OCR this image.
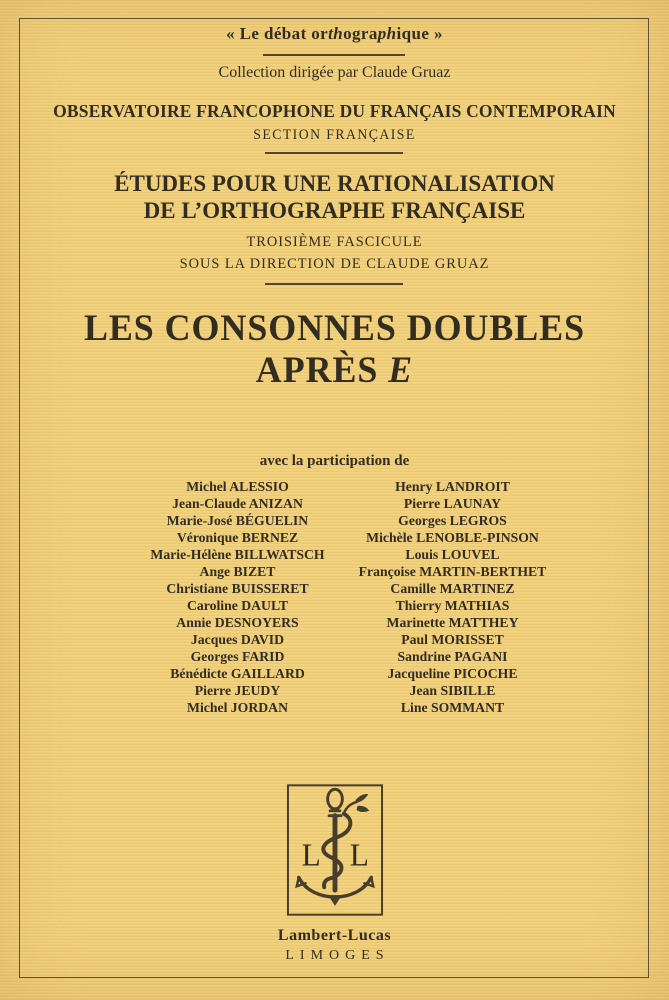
« Le débat orthographique »
Collection dirigée par Claude Gruaz
OBSERVATOIRE FRANCOPHONE DU FRANÇAIS CONTEMPORAIN
SECTION FRANÇAISE
ÉTUDES POUR UNE RATIONALISATION
DE L’ORTHOGRAPHE FRANÇAISE
TROISIÈME FASCICULE
SOUS LA DIRECTION DE CLAUDE GRUAZ
LES CONSONNES DOUBLES
APRÈS E
avec la participation de
Michel ALESSIO
Jean-Claude ANIZAN
Marie-José BÉGUELIN
Véronique BERNEZ
Marie-Hélène BILLWATSCH
Ange BIZET
Christiane BUISSERET
Caroline DAULT
Annie DESNOYERS
Jacques DAVID
Georges FARID
Bénédicte GAILLARD
Pierre JEUDY
Michel JORDAN
Henry LANDROIT
Pierre LAUNAY
Georges LEGROS
Michèle LENOBLE-PINSON
Louis LOUVEL
Françoise MARTIN-BERTHET
Camille MARTINEZ
Thierry MATHIAS
Marinette MATTHEY
Paul MORISSET
Sandrine PAGANI
Jacqueline PICOCHE
Jean SIBILLE
Line SOMMANT
L L
Lambert-Lucas
LIMOGES
